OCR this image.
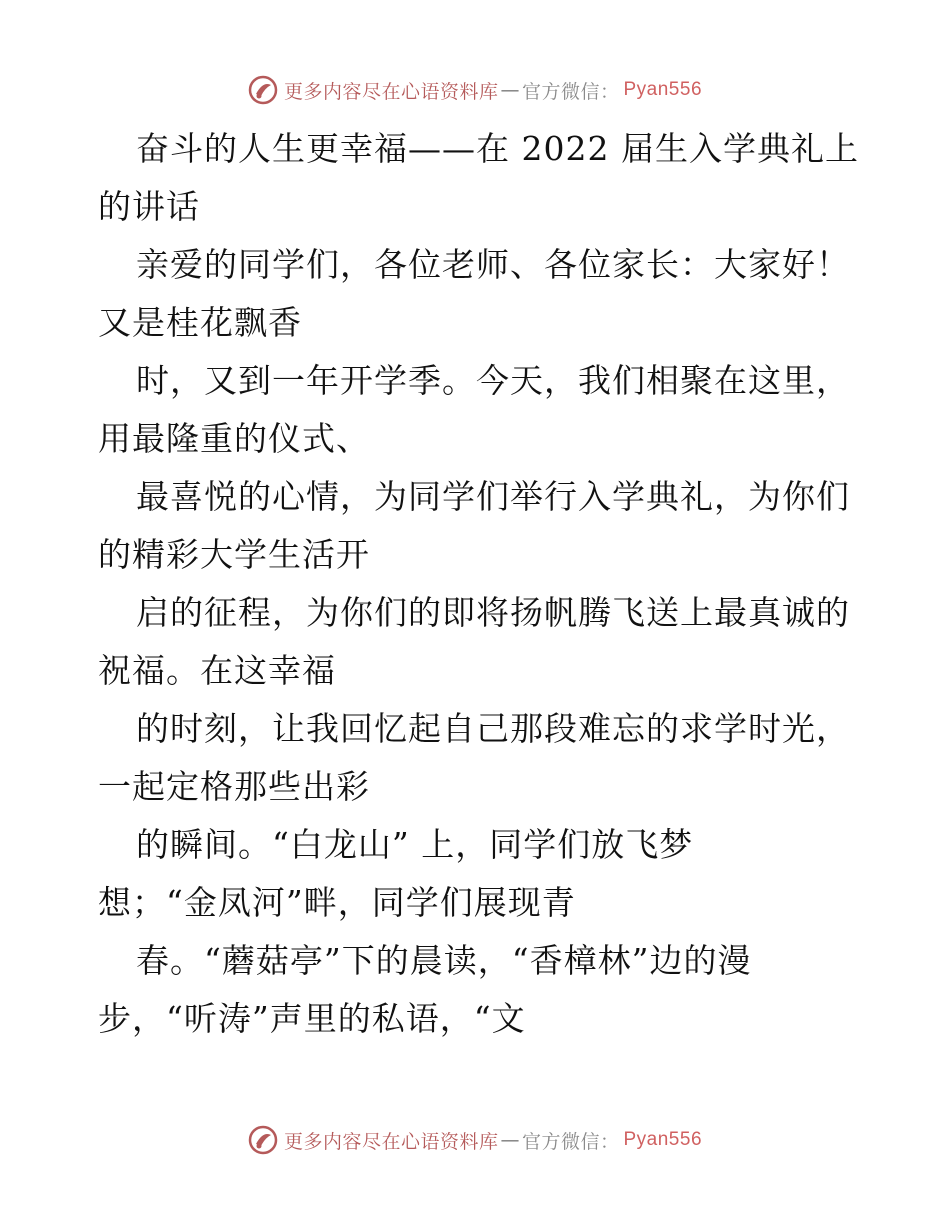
更多内容尽在心语资料库 — 官方微信： Pyan556
奋斗的人生更幸福——在 2022 届生入学典礼上
的讲话
亲爱的同学们，各位老师、各位家长：大家好！
又是桂花飘香
时，又到一年开学季。今天，我们相聚在这里，
用最隆重的仪式、
最喜悦的心情，为同学们举行入学典礼，为你们
的精彩大学生活开
启的征程，为你们的即将扬帆腾飞送上最真诚的
祝福。在这幸福
的时刻，让我回忆起自己那段难忘的求学时光，
一起定格那些出彩
的瞬间。“白龙山” 上，同学们放飞梦
想；“金凤河”畔，同学们展现青
春。“蘑菇亭”下的晨读，“香樟林”边的漫
步，“听涛”声里的私语，“文
更多内容尽在心语资料库 — 官方微信： Pyan556
